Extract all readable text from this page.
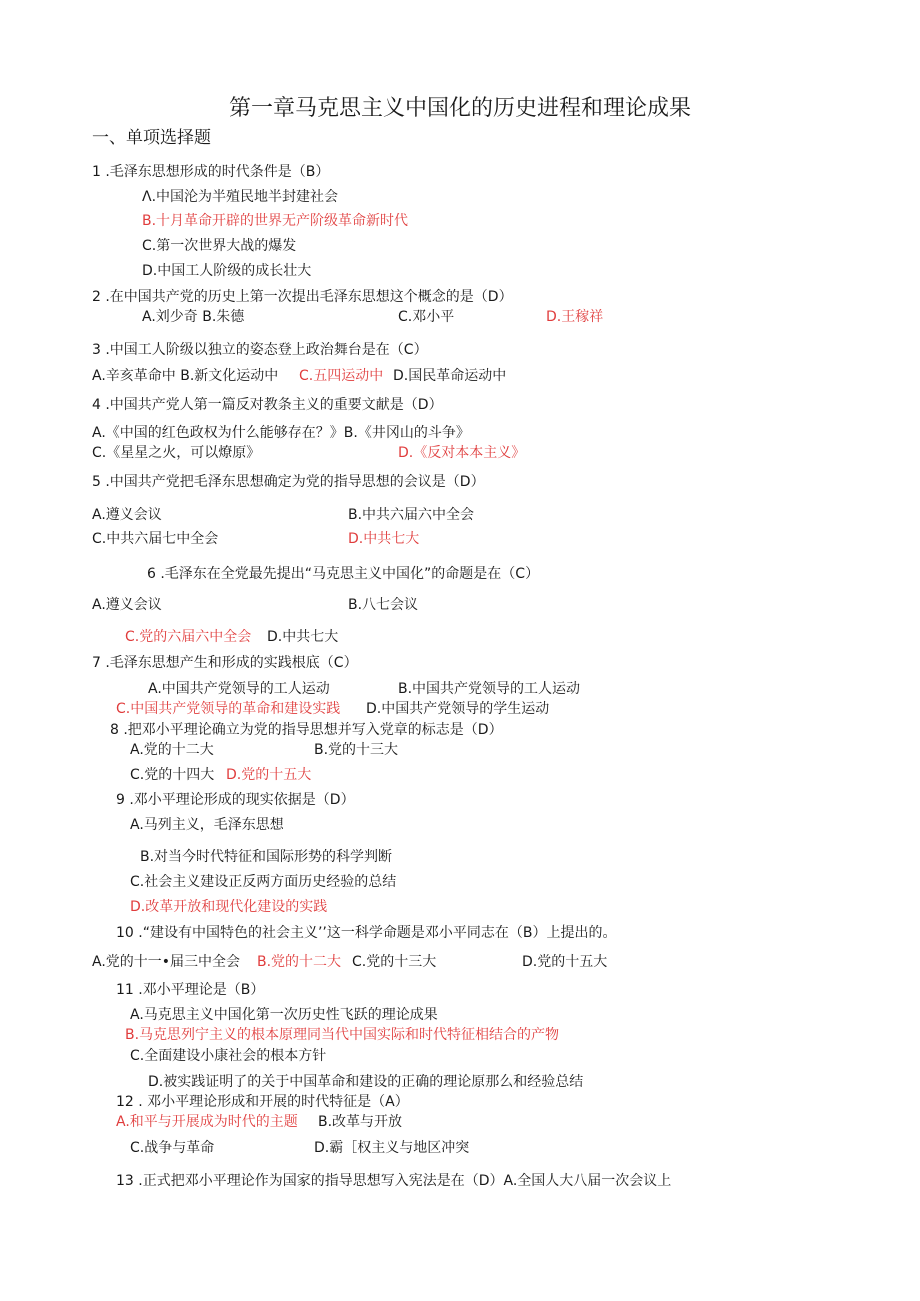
第一章马克思主义中国化的历史进程和理论成果
一、单项选择题
1 .毛泽东思想形成的时代条件是（B）
Λ.中国沦为半殖民地半封建社会
B.十月革命开辟的世界无产阶级革命新时代
C.第一次世界大战的爆发
D.中国工人阶级的成长壮大
2 .在中国共产党的历史上第一次提出毛泽东思想这个概念的是（D）
A.刘少奇 B.朱德	C.邓小平	D.王稼祥
3 .中国工人阶级以独立的姿态登上政治舞台是在（C）
A.辛亥革命中 B.新文化运动中 C.五四运动中 D.国民革命运动中
4 .中国共产党人第一篇反对教条主义的重要文献是（D）
A.《中国的红色政权为什么能够存在？》B.《井冈山的斗争》
C.《星星之火，可以燎原》	D.《反对本本主义》
5 .中国共产党把毛泽东思想确定为党的指导思想的会议是（D）
A.遵义会议	B.中共六届六中全会
C.中共六届七中全会	D.中共七大
6 .毛泽东在全党最先提出“马克思主义中国化”的命题是在（C）
A.遵义会议	B.八七会议
C.党的六届六中全会 D.中共七大
7 .毛泽东思想产生和形成的实践根底（C）
A.中国共产党领导的工人运动	B.中国共产党领导的工人运动
C.中国共产党领导的革命和建设实践 D.中国共产党领导的学生运动
8 .把邓小平理论确立为党的指导思想并写入党章的标志是（D）
A.党的十二大	B.党的十三大
C.党的十四大 D.党的十五大
9 .邓小平理论形成的现实依据是（D）
A.马列主义，毛泽东思想
B.对当今时代特征和国际形势的科学判断
C.社会主义建设正反两方面历史经验的总结
D.改革开放和现代化建设的实践
10 .“建设有中国特色的社会主义’’这一科学命题是邓小平同志在（B）上提出的。
A.党的十一•届三中全会 B.党的十二大 C.党的十三大	D.党的十五大
11 .邓小平理论是（B）
A.马克思主义中国化第一次历史性飞跃的理论成果
B.马克思列宁主义的根本原理同当代中国实际和时代特征相结合的产物
C.全面建设小康社会的根本方针
D.被实践证明了的关于中国革命和建设的正确的理论原那么和经验总结
12 . 邓小平理论形成和开展的时代特征是（A）
A.和平与开展成为时代的主题 B.改革与开放
C.战争与革命	D.霸［权主义与地区冲突
13 .正式把邓小平理论作为国家的指导思想写入宪法是在（D）A.全国人大八届一次会议上
